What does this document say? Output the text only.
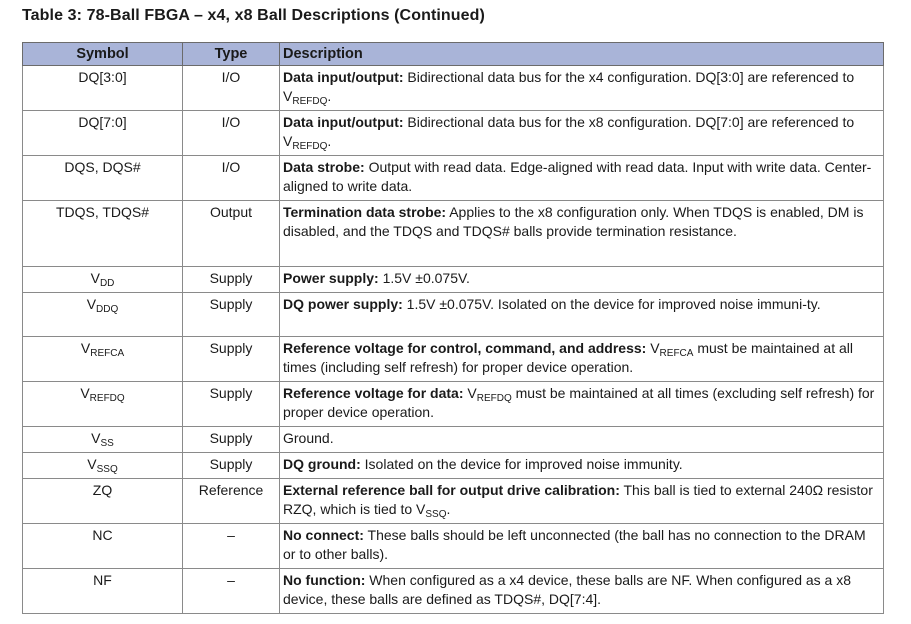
Table 3: 78-Ball FBGA – x4, x8 Ball Descriptions (Continued)
Symbol	Type	Description
DQ[3:0]	I/O	Data input/output: Bidirectional data bus for the x4 configuration. DQ[3:0] are referenced to $V_{REFDQ}$.
DQ[7:0]	I/O	Data input/output: Bidirectional data bus for the x8 configuration. DQ[7:0] are referenced to $V_{REFDQ}$.
DQS, DQS#	I/O	Data strobe: Output with read data. Edge-aligned with read data. Input with write data. Center-aligned to write data.
TDQS, TDQS#	Output	Termination data strobe: Applies to the x8 configuration only. When TDQS is enabled, DM is disabled, and the TDQS and TDQS# balls provide termination resistance.
$V_{DD}$	Supply	Power supply: 1.5V ±0.075V.
$V_{DDQ}$	Supply	DQ power supply: 1.5V ±0.075V. Isolated on the device for improved noise immuni-ty.
$V_{REFCA}$	Supply	Reference voltage for control, command, and address: $V_{REFCA}$ must be maintained at all times (including self refresh) for proper device operation.
$V_{REFDQ}$	Supply	Reference voltage for data: $V_{REFDQ}$ must be maintained at all times (excluding self refresh) for proper device operation.
$V_{SS}$	Supply	Ground.
$V_{SSQ}$	Supply	DQ ground: Isolated on the device for improved noise immunity.
ZQ	Reference	External reference ball for output drive calibration: This ball is tied to external 240Ω resistor RZQ, which is tied to $V_{SSQ}$.
NC	–	No connect: These balls should be left unconnected (the ball has no connection to the DRAM or to other balls).
NF	–	No function: When configured as a x4 device, these balls are NF. When configured as a x8 device, these balls are defined as TDQS#, DQ[7:4].
